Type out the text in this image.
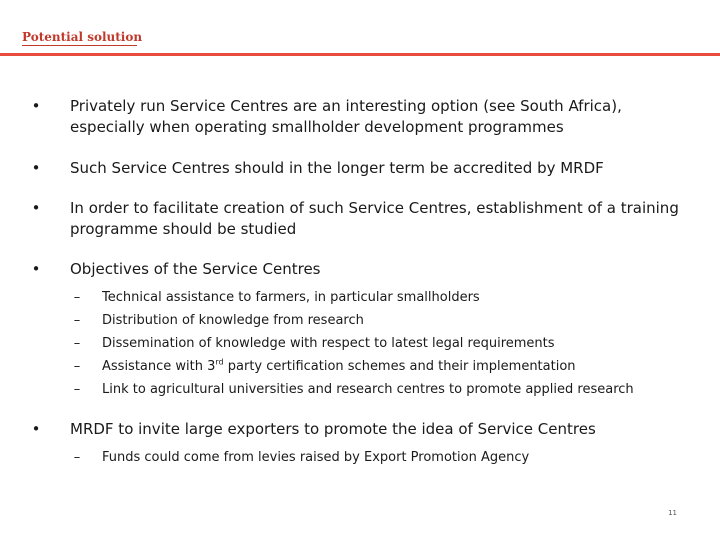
Potential solution
• Privately run Service Centres are an interesting option (see South Africa), especially when operating smallholder development programmes
• Such Service Centres should in the longer term be accredited by MRDF
• In order to facilitate creation of such Service Centres, establishment of a training programme should be studied
• Objectives of the Service Centres
– Technical assistance to farmers, in particular smallholders
– Distribution of knowledge from research
– Dissemination of knowledge with respect to latest legal requirements
– Assistance with 3rd party certification schemes and their implementation
– Link to agricultural universities and research centres to promote applied research
• MRDF to invite large exporters to promote the idea of Service Centres
– Funds could come from levies raised by Export Promotion Agency
11
